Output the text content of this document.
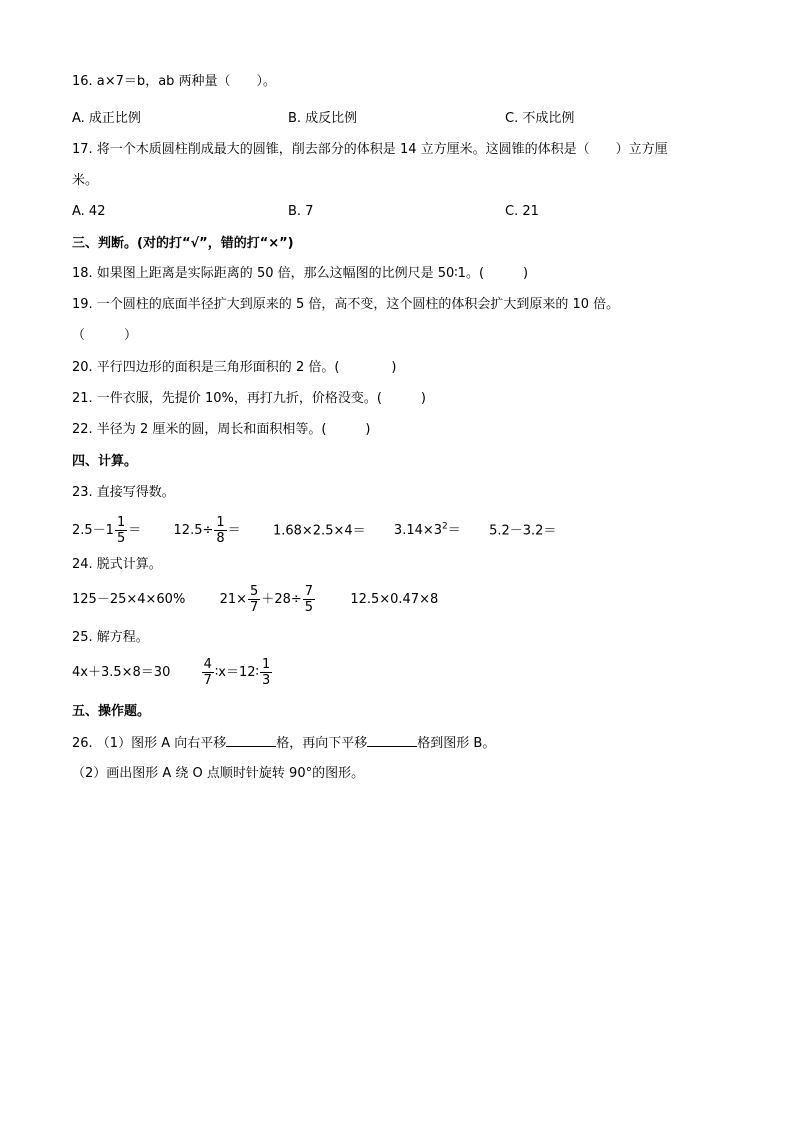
16. a×7＝b，ab 两种量（　　）。
A. 成正比例	B. 成反比例	C. 不成比例
17. 将一个木质圆柱削成最大的圆锥，削去部分的体积是 14 立方厘米。这圆锥的体积是（　　）立方厘
米。
A. 42	B. 7	C. 21
三、判断。(对的打“√”，错的打“×”)
18. 如果图上距离是实际距离的 50 倍，那么这幅图的比例尺是 50∶1。(　　　)
19. 一个圆柱的底面半径扩大到原来的 5 倍，高不变，这个圆柱的体积会扩大到原来的 10 倍。
（　　　）
20. 平行四边形的面积是三角形面积的 2 倍。(　　　　)
21. 一件衣服，先提价 10%，再打九折，价格没变。(　　　)
22. 半径为 2 厘米的圆，周长和面积相等。(　　　)
四、计算。
23. 直接写得数。
$2.5-1 \frac{1}{5} = 12.5\div \frac{1}{8} = 1.68\times 2.5\times 4= 3.14\times 3^2= 5.2-3.2=$
24. 脱式计算。
125－25×4×60%	$21\times \frac{5}{7} +28\div \frac{7}{5}$	12.5×0.47×8
25. 解方程。
$4x+3.5\times 8=30 \frac{4}{7}$ ∶x＝12∶ $\frac{1}{3}$
五、操作题。
26. （1）图形 A 向右平移	格，再向下平移	格到图形 B。
（2）画出图形 A 绕 O 点顺时针旋转 90°的图形。
